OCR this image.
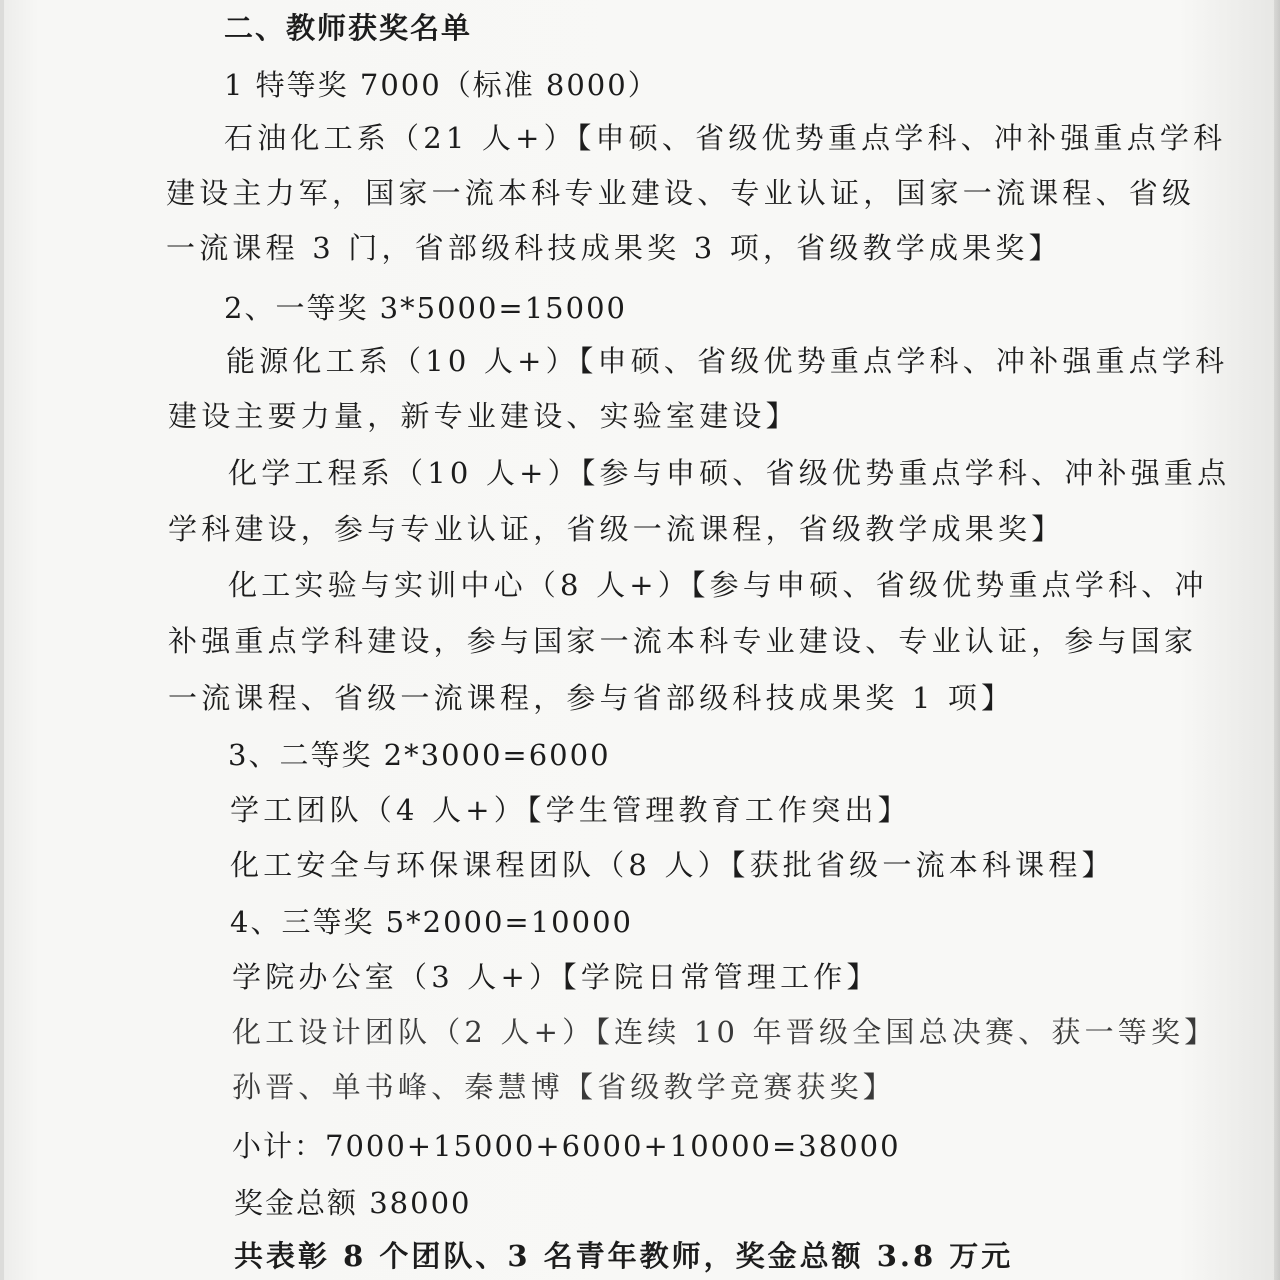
二、教师获奖名单
1 特等奖 7000（标准 8000）
石油化工系（21 人+）【申硕、省级优势重点学科、冲补强重点学科
建设主力军，国家一流本科专业建设、专业认证，国家一流课程、省级
一流课程 3 门，省部级科技成果奖 3 项，省级教学成果奖】
2、一等奖 3*5000=15000
能源化工系（10 人+）【申硕、省级优势重点学科、冲补强重点学科
建设主要力量，新专业建设、实验室建设】
化学工程系（10 人+）【参与申硕、省级优势重点学科、冲补强重点
学科建设，参与专业认证，省级一流课程，省级教学成果奖】
化工实验与实训中心（8 人+）【参与申硕、省级优势重点学科、冲
补强重点学科建设，参与国家一流本科专业建设、专业认证，参与国家
一流课程、省级一流课程，参与省部级科技成果奖 1 项】
3、二等奖 2*3000=6000
学工团队（4 人+）【学生管理教育工作突出】
化工安全与环保课程团队（8 人）【获批省级一流本科课程】
4、三等奖 5*2000=10000
学院办公室（3 人+）【学院日常管理工作】
化工设计团队（2 人+）【连续 10 年晋级全国总决赛、获一等奖】
孙晋、单书峰、秦慧博【省级教学竞赛获奖】
小计：7000+15000+6000+10000=38000
奖金总额 38000
共表彰 8 个团队、3 名青年教师，奖金总额 3.8 万元
